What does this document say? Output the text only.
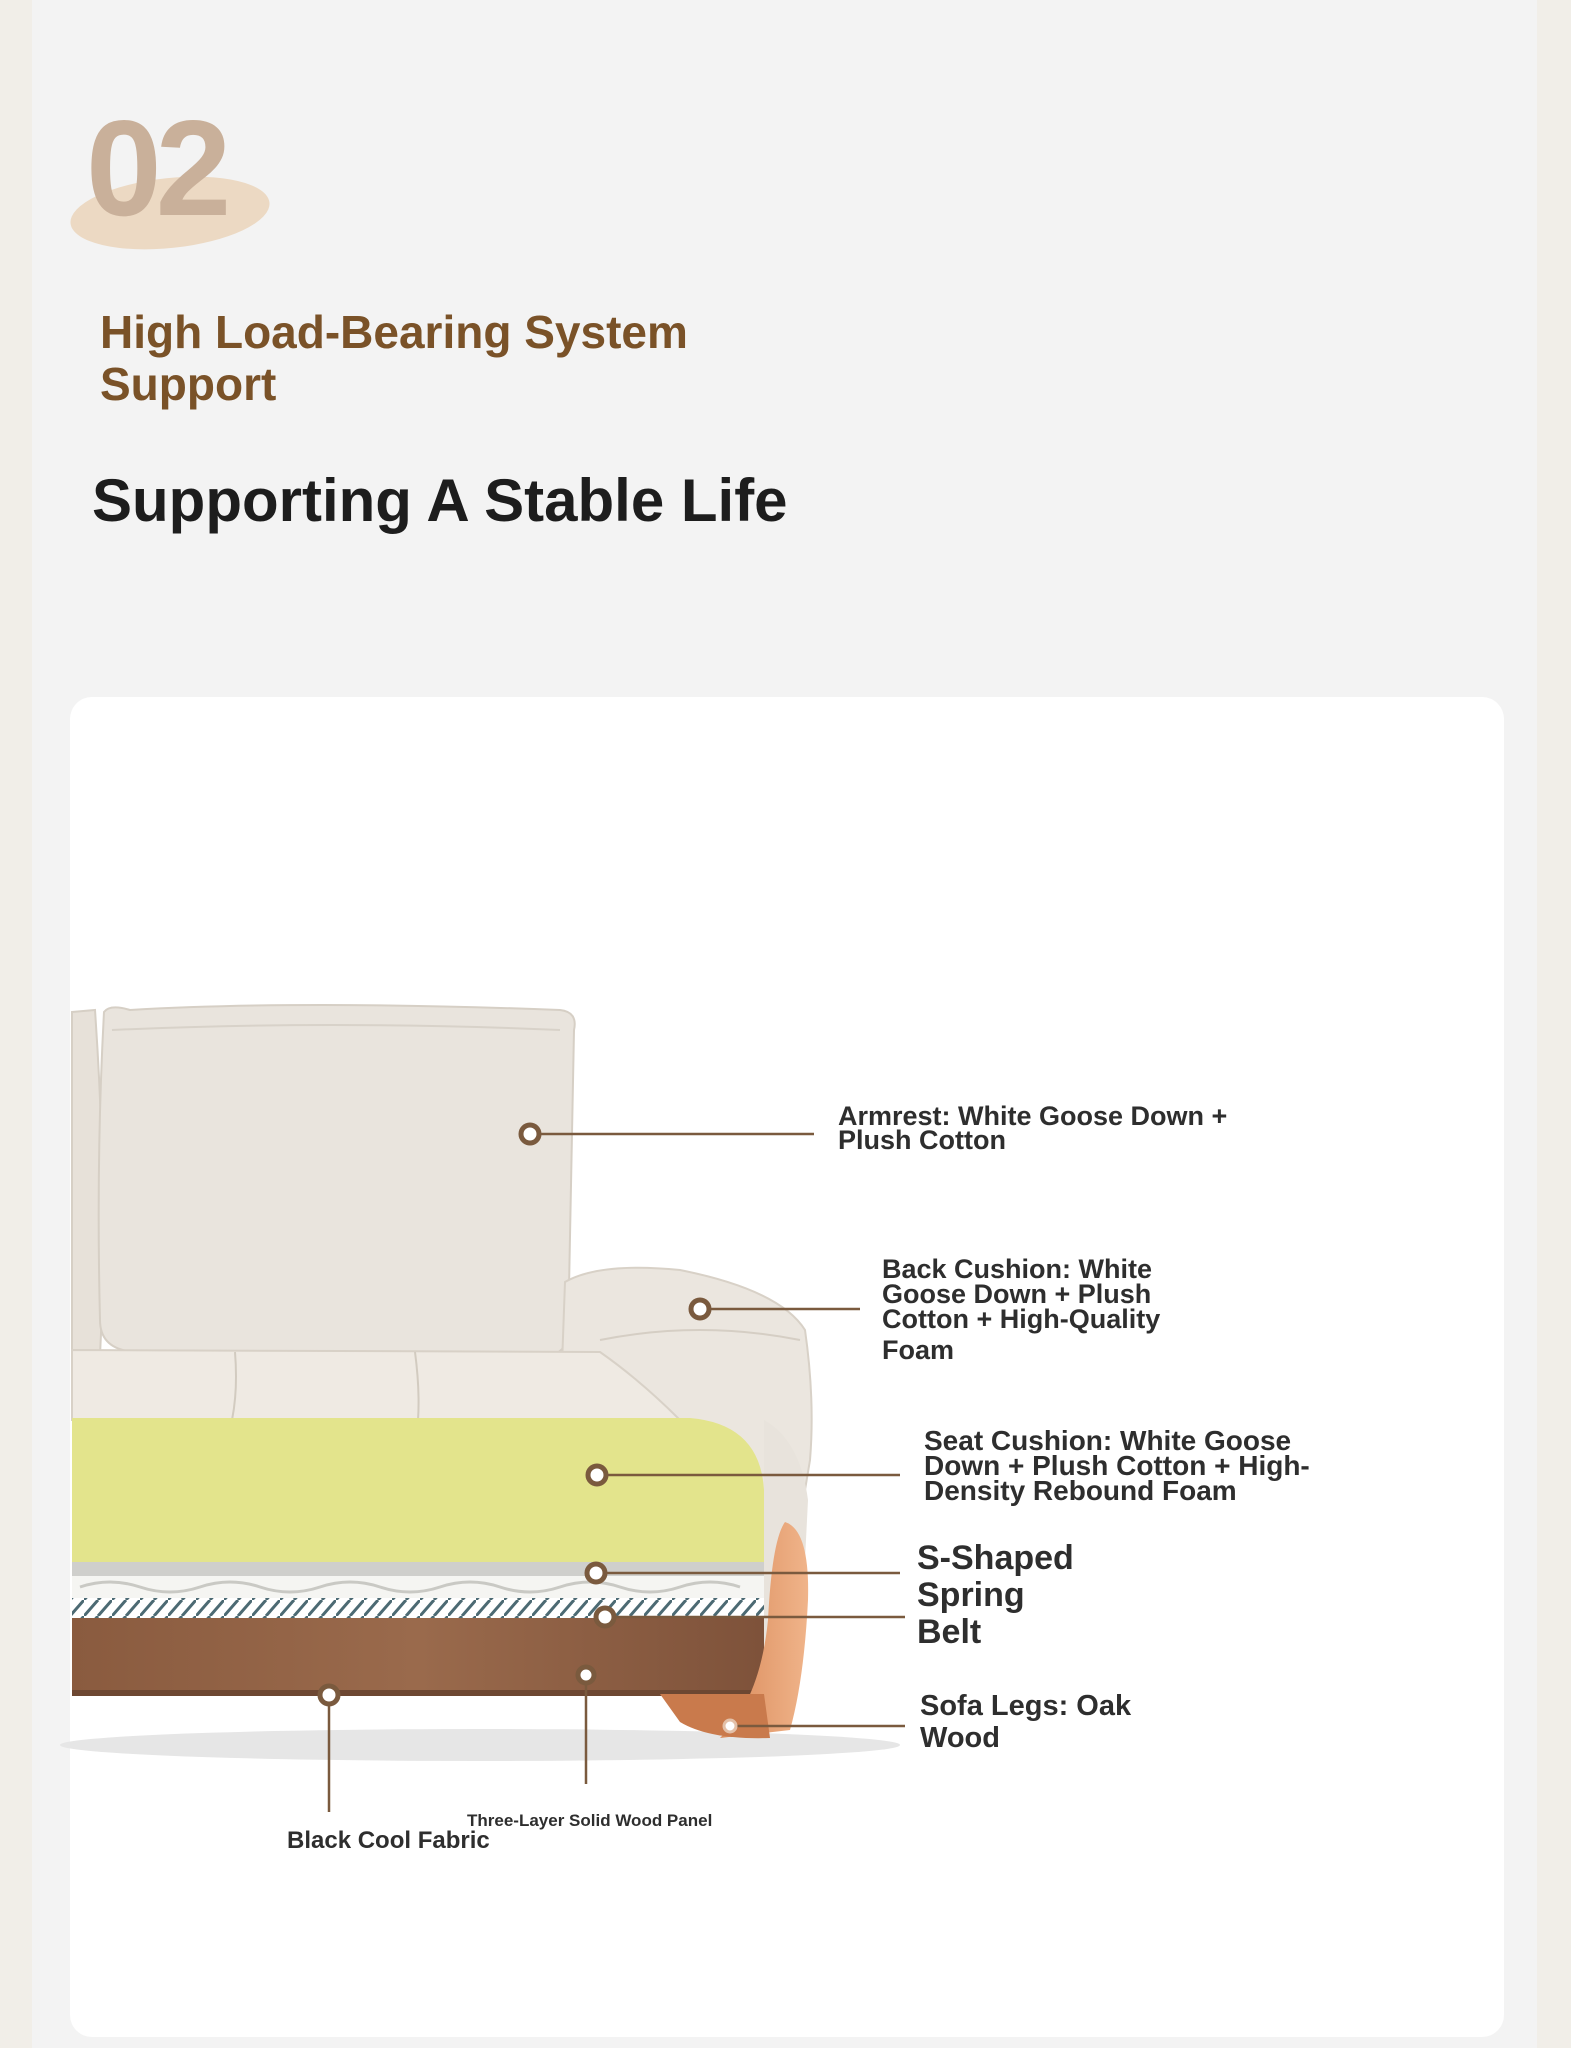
02
High Load-Bearing System Support
Supporting A Stable Life
Armrest: White Goose Down + Plush Cotton
Back Cushion: White Goose Down + Plush Cotton + High-Quality
Foam
Seat Cushion: White Goose Down + Plush Cotton + High-Density Rebound Foam
S-Shaped Spring Belt
Sofa Legs: Oak Wood
Black Cool Fabric
Three-Layer Solid Wood Panel
